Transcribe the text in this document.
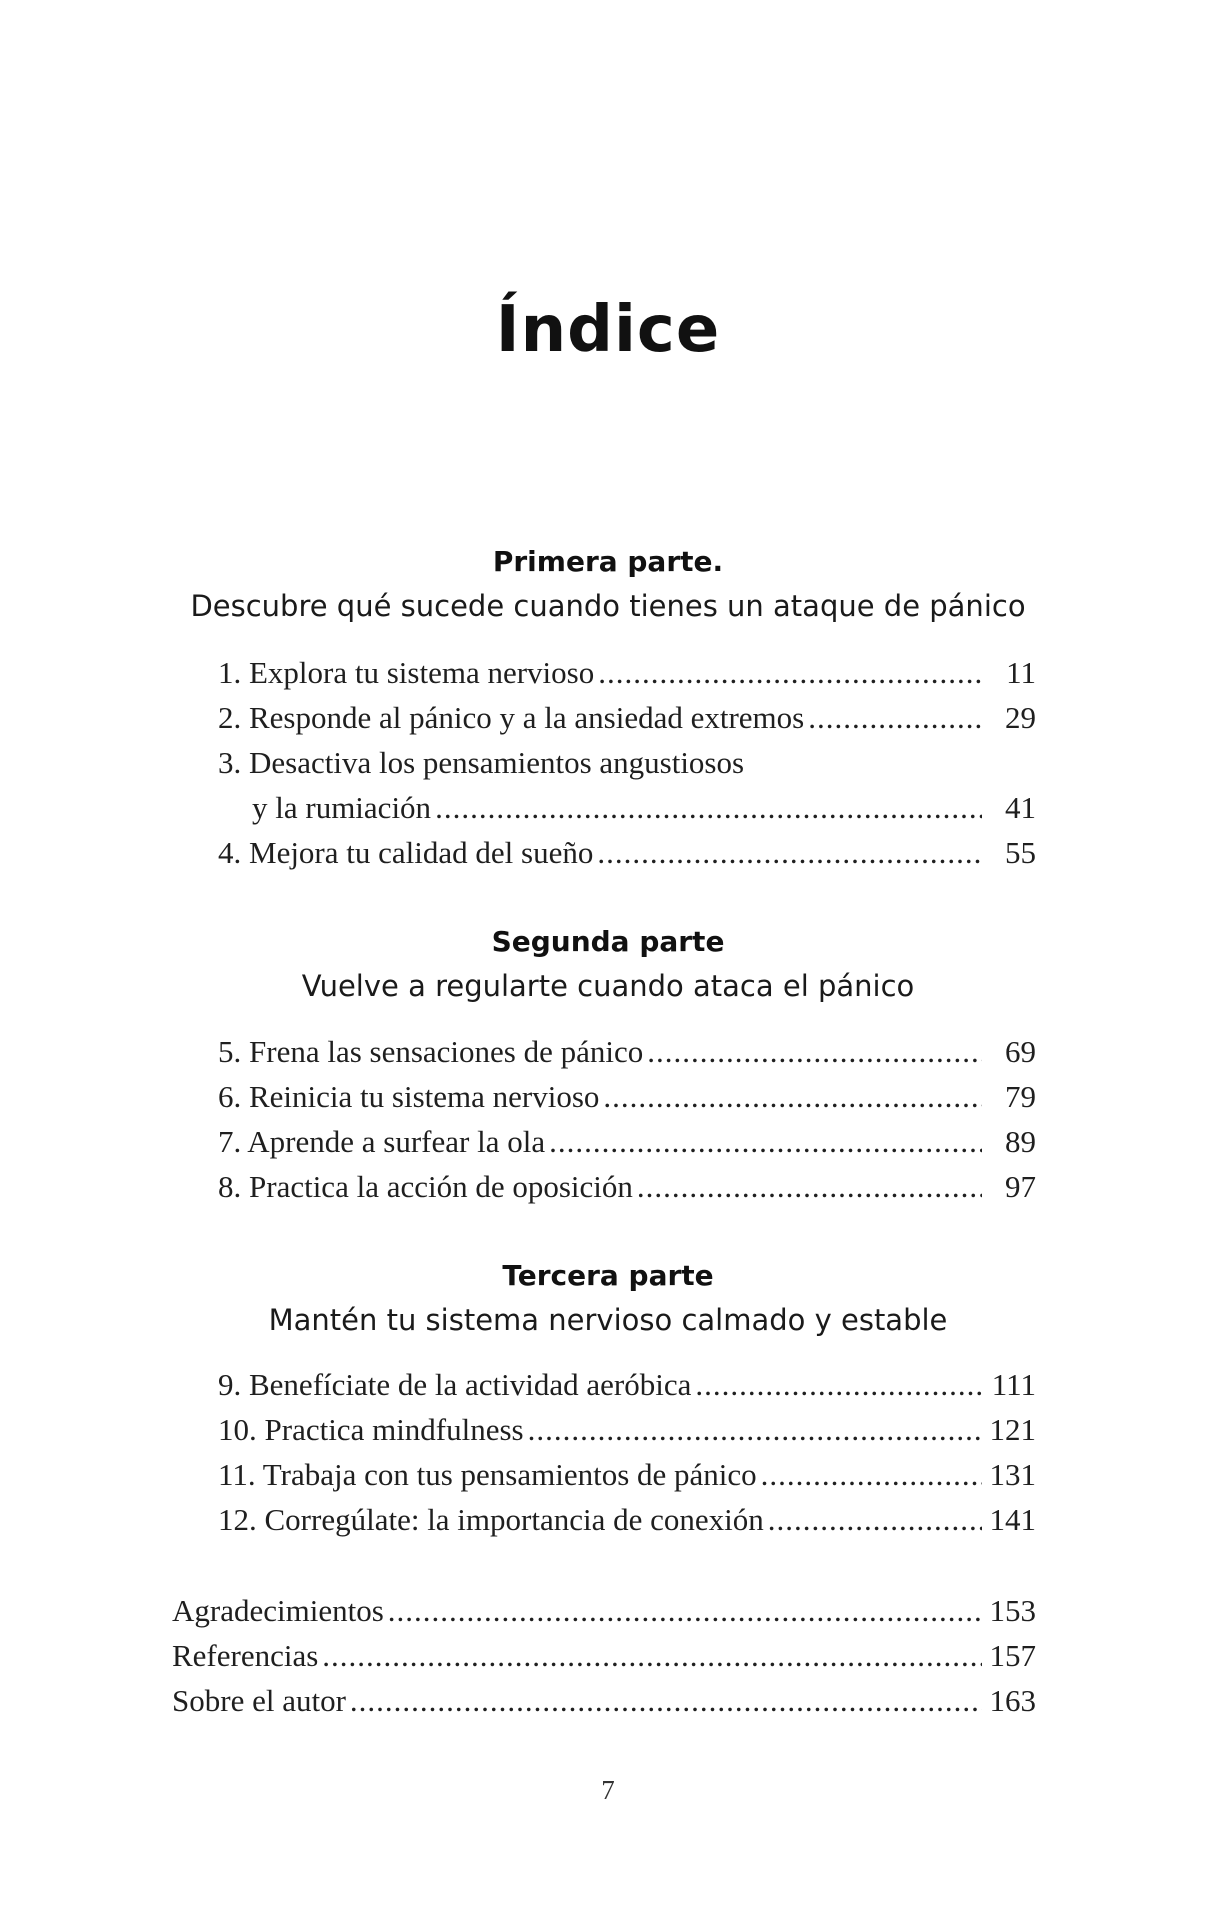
Índice
Primera parte.
Descubre qué sucede cuando tienes un ataque de pánico
1. Explora tu sistema nervioso .....	11
2. Responde al pánico y a la ansiedad extremos .....	29
3. Desactiva los pensamientos angustiosos
y la rumiación .....	41
4. Mejora tu calidad del sueño .....	55
Segunda parte
Vuelve a regularte cuando ataca el pánico
5. Frena las sensaciones de pánico .....	69
6. Reinicia tu sistema nervioso .....	79
7. Aprende a surfear la ola .....	89
8. Practica la acción de oposición .....	97
Tercera parte
Mantén tu sistema nervioso calmado y estable
9. Benefíciate de la actividad aeróbica .....	111
10. Practica mindfulness .....	121
11. Trabaja con tus pensamientos de pánico .....	131
12. Corregúlate: la importancia de conexión .....	141
Agradecimientos .....	153
Referencias .....	157
Sobre el autor .....	163
7
